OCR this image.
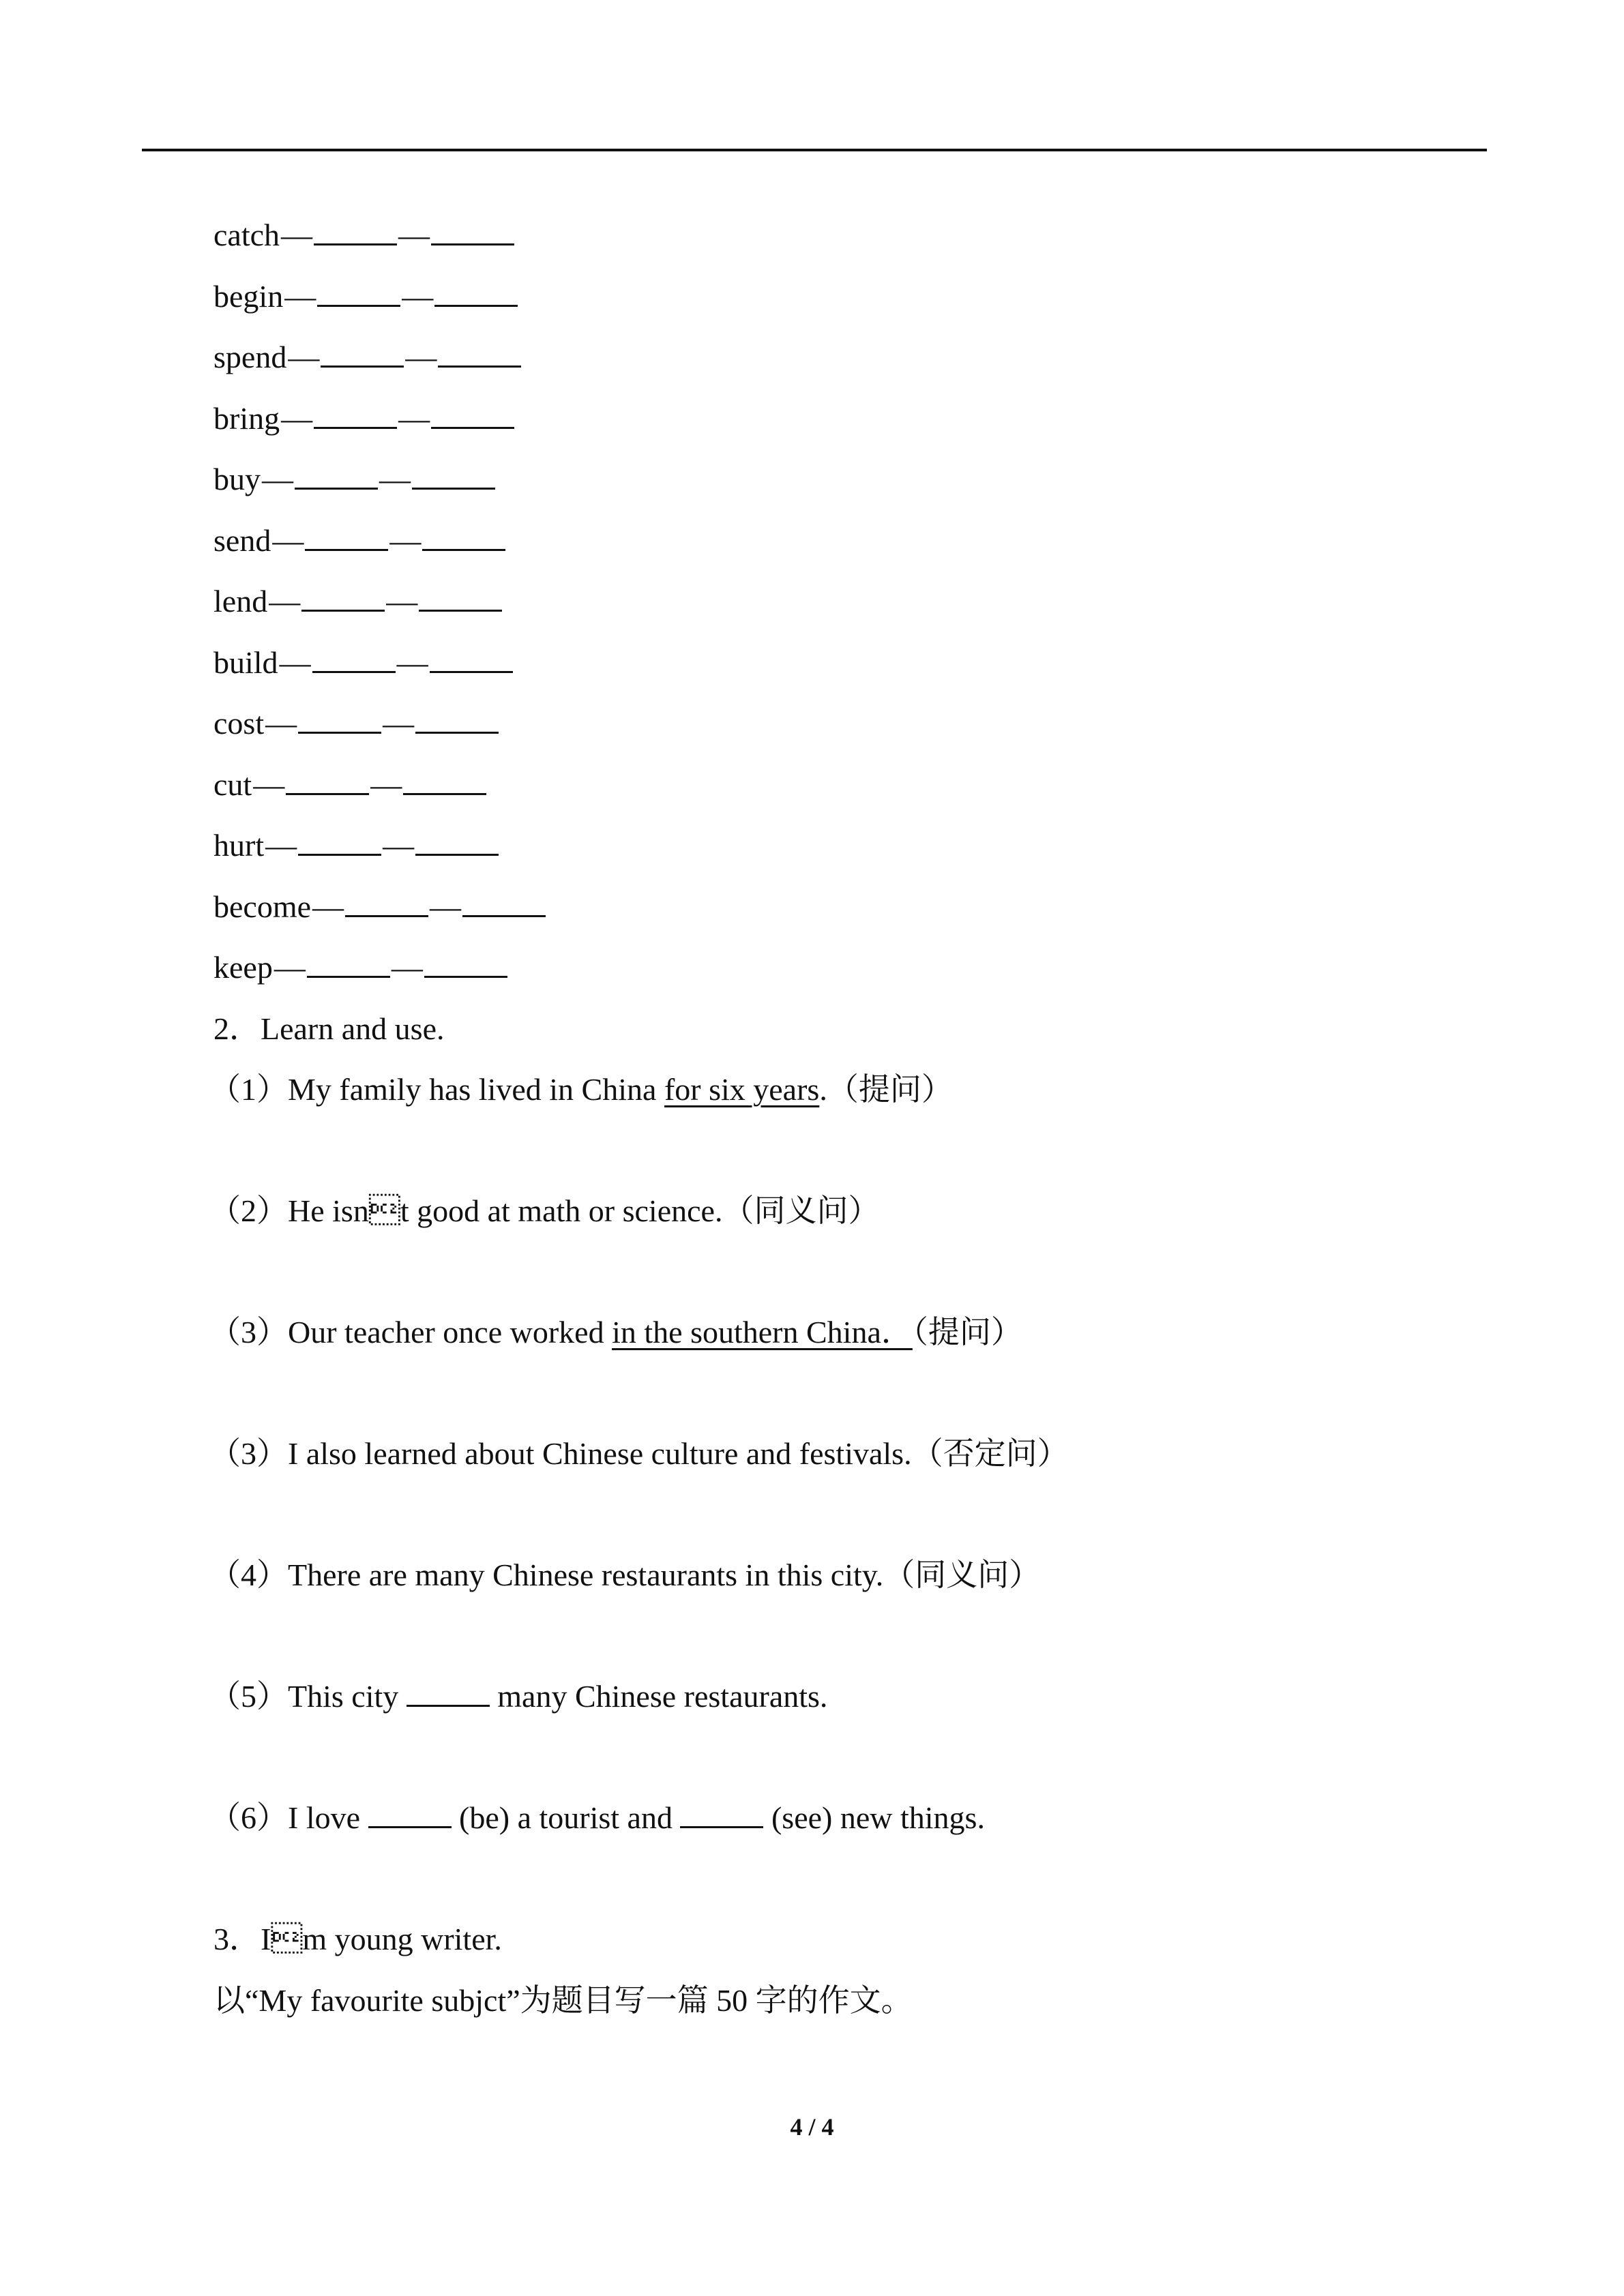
catch—	—
begin—	—
spend—	—
bring—	—
buy—	—
send—	—
lend—	—
build—	—
cost—	—
cut—	—
hurt—	—
become—	—
keep—	—
2．Learn and use.
（1）My family has lived in China for six years.（提问）
（2）He isnt good at math or science.（同义问）
（3）Our teacher once worked in the southern China．（提问）
（3）I also learned about Chinese culture and festivals.（否定问）
（4）There are many Chinese restaurants in this city.（同义问）
（5）This city	many Chinese restaurants.
（6）I love	(be) a tourist and	(see) new things.
3．Im young writer.
以“My favourite subjct”为题目写一篇 50 字的作文。
4 / 4
